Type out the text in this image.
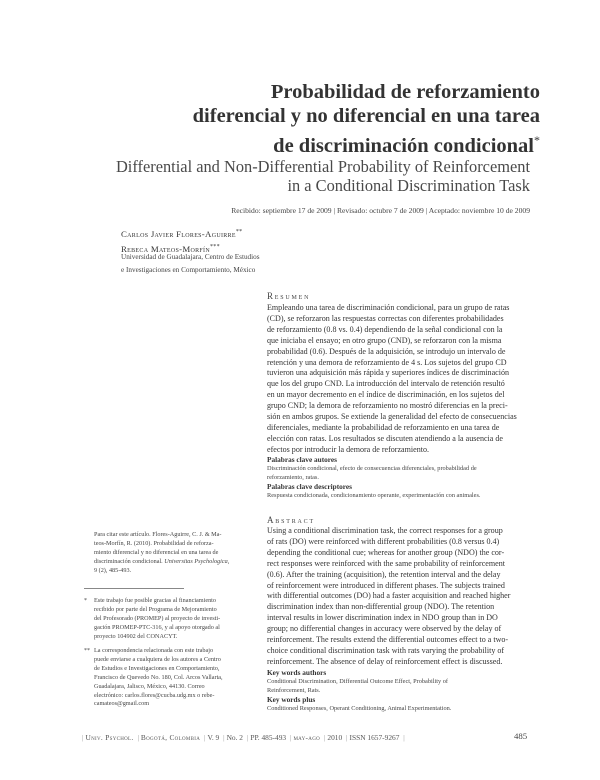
Probabilidad de reforzamiento
diferencial y no diferencial en una tarea
de discriminación condicional*
Differential and Non-Differential Probability of Reinforcement
in a Conditional Discrimination Task
Recibido: septiembre 17 de 2009 | Revisado: octubre 7 de 2009 | Aceptado: noviembre 10 de 2009
Carlos Javier Flores-Aguirre**
Rebeca Mateos-Morfín***
Universidad de Guadalajara, Centro de Estudios
e Investigaciones en Comportamiento, México
Resumen
Empleando una tarea de discriminación condicional, para un grupo de ratas
(CD), se reforzaron las respuestas correctas con diferentes probabilidades
de reforzamiento (0.8 vs. 0.4) dependiendo de la señal condicional con la
que iniciaba el ensayo; en otro grupo (CND), se reforzaron con la misma
probabilidad (0.6). Después de la adquisición, se introdujo un intervalo de
retención y una demora de reforzamiento de 4 s. Los sujetos del grupo CD
tuvieron una adquisición más rápida y superiores índices de discriminación
que los del grupo CND. La introducción del intervalo de retención resultó
en un mayor decremento en el índice de discriminación, en los sujetos del
grupo CND; la demora de reforzamiento no mostró diferencias en la preci-
sión en ambos grupos. Se extiende la generalidad del efecto de consecuencias
diferenciales, mediante la probabilidad de reforzamiento en una tarea de
elección con ratas. Los resultados se discuten atendiendo a la ausencia de
efectos por introducir la demora de reforzamiento.
Palabras clave autores
Discriminación condicional, efecto de consecuencias diferenciales, probabilidad de
reforzamiento, ratas.
Palabras clave descriptores
Respuesta condicionada, condicionamiento operante, experimentación con animales.
Abstract
Using a conditional discrimination task, the correct responses for a group
of rats (DO) were reinforced with different probabilities (0.8 versus 0.4)
depending the conditional cue; whereas for another group (NDO) the cor-
rect responses were reinforced with the same probability of reinforcement
(0.6). After the training (acquisition), the retention interval and the delay
of reinforcement were introduced in different phases. The subjects trained
with differential outcomes (DO) had a faster acquisition and reached higher
discrimination index than non-differential group (NDO). The retention
interval results in lower discrimination index in NDO group than in DO
group; no differential changes in accuracy were observed by the delay of
reinforcement. The results extend the differential outcomes effect to a two-
choice conditional discrimination task with rats varying the probability of
reinforcement. The absence of delay of reinforcement effect is discussed.
Key words authors
Conditional Discrimination, Differential Outcome Effect, Probability of
Reinforcement, Rats.
Key words plus
Conditioned Responses, Operant Conditioning, Animal Experimentation.
Para citar este artículo. Flores-Aguirre, C. J. & Ma-
teos-Morfín, R. (2010). Probabilidad de reforza-
miento diferencial y no diferencial en una tarea de
discriminación condicional. Universitas Psychologica,
9 (2), 485-493.
* Este trabajo fue posible gracias al financiamiento
recibido por parte del Programa de Mejoramiento
del Profesorado (PROMEP) al proyecto de investi-
gación PROMEP-PTC-316, y al apoyo otorgado al
proyecto 104902 del CONACYT.
** La correspondencia relacionada con este trabajo
puede enviarse a cualquiera de los autores a Centro
de Estudios e Investigaciones en Comportamiento,
Francisco de Quevedo No. 180, Col. Arcos Vallarta,
Guadalajara, Jalisco, México, 44130. Correo
electrónico: carlos.flores@cucba.udg.mx o rebe-
camateos@gmail.com
| Univ. Psychol. | Bogotá, Colombia | V. 9 | No. 2 | PP. 485-493 | may-ago | 2010 | ISSN 1657-9267 |	485
